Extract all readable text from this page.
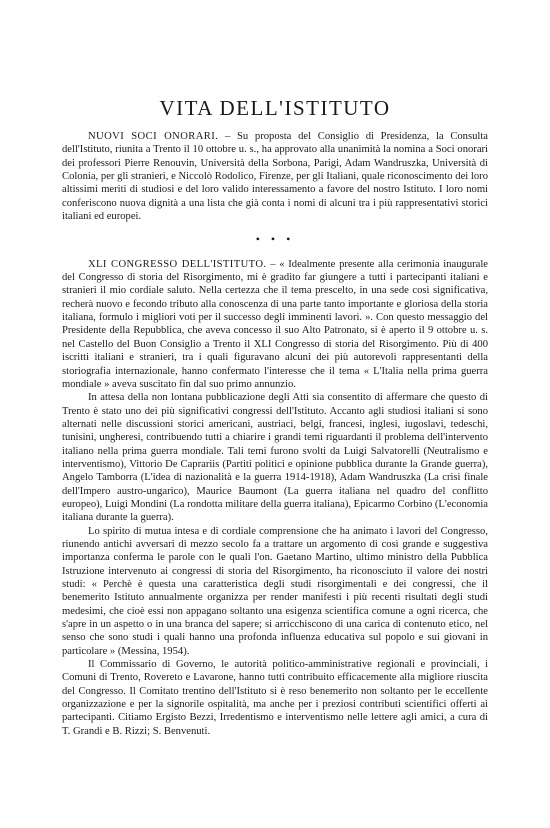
VITA DELL'ISTITUTO

NUOVI SOCI ONORARI. – Su proposta del Consiglio di Presidenza, la Consulta dell'Istituto, riunita a Trento il 10 ottobre u. s., ha approvato alla unanimità la nomina a Soci onorari dei professori Pierre Renouvin, Università della Sorbona, Parigi, Adam Wandruszka, Università di Colonia, per gli stranieri, e Niccolò Rodolico, Firenze, per gli Italiani, quale riconoscimento dei loro altissimi meriti di studiosi e del loro valido interessamento a favore del nostro Istituto. I loro nomi conferiscono nuova dignità a una lista che già conta i nomi di alcuni tra i più rappresentativi storici italiani ed europei.

• • •

XLI CONGRESSO DELL'ISTITUTO. – « Idealmente presente alla cerimonia inaugurale del Congresso di storia del Risorgimento, mi è gradito far giungere a tutti i partecipanti italiani e stranieri il mio cordiale saluto. Nella certezza che il tema prescelto, in una sede così significativa, recherà nuovo e fecondo tributo alla conoscenza di una parte tanto importante e gloriosa della storia italiana, formulo i migliori voti per il successo degli imminenti lavori. ». Con questo messaggio del Presidente della Repubblica, che aveva concesso il suo Alto Patronato, si è aperto il 9 ottobre u. s. nel Castello del Buon Consiglio a Trento il XLI Congresso di storia del Risorgimento. Più di 400 iscritti italiani e stranieri, tra i quali figuravano alcuni dei più autorevoli rappresentanti della storiografia internazionale, hanno confermato l'interesse che il tema « L'Italia nella prima guerra mondiale » aveva suscitato fin dal suo primo annunzio.

In attesa della non lontana pubblicazione degli Atti sia consentito di affermare che questo di Trento è stato uno dei più significativi congressi dell'Istituto. Accanto agli studiosi italiani si sono alternati nelle discussioni storici americani, austriaci, belgi, francesi, inglesi, iugoslavi, tedeschi, tunisini, ungheresi, contribuendo tutti a chiarire i grandi temi riguardanti il problema dell'intervento italiano nella prima guerra mondiale. Tali temi furono svolti da Luigi Salvatorelli (Neutralismo e interventismo), Vittorio De Caprariis (Partiti politici e opinione pubblica durante la Grande guerra), Angelo Tamborra (L'idea di nazionalità e la guerra 1914-1918), Adam Wandruszka (La crisi finale dell'Impero austro-ungarico), Maurice Baumont (La guerra italiana nel quadro del conflitto europeo), Luigi Mondini (La rondotta militare della guerra italiana), Epicarmo Corbino (L'economia italiana durante la guerra).

Lo spirito di mutua intesa e di cordiale comprensione che ha animato i lavori del Congresso, riunendo antichi avversari di mezzo secolo fa a trattare un argomento di così grande e suggestiva importanza conferma le parole con le quali l'on. Gaetano Martino, ultimo ministro della Pubblica Istruzione intervenuto ai congressi di storia del Risorgimento, ha riconosciuto il valore dei nostri studi: « Perchè è questa una caratteristica degli studi risorgimentali e dei congressi, che il benemerito Istituto annualmente organizza per render manifesti i più recenti risultati degli studi medesimi, che cioè essi non appagano soltanto una esigenza scientifica comune a ogni ricerca, che s'apre in un aspetto o in una branca del sapere; si arricchiscono di una carica di contenuto etico, nel senso che sono studi i quali hanno una profonda influenza educativa sul popolo e sui giovani in particolare » (Messina, 1954).

Il Commissario di Governo, le autorità politico-amministrative regionali e provinciali, i Comuni di Trento, Rovereto e Lavarone, hanno tutti contribuito efficacemente alla migliore riuscita del Congresso. Il Comitato trentino dell'Istituto si è reso benemerito non soltanto per le eccellente organizzazione e per la signorile ospitalità, ma anche per i preziosi contributi scientifici offerti ai partecipanti. Citiamo Ergisto Bezzi, Irredentismo e interventismo nelle lettere agli amici, a cura di T. Grandi e B. Rizzi; S. Benvenuti.
